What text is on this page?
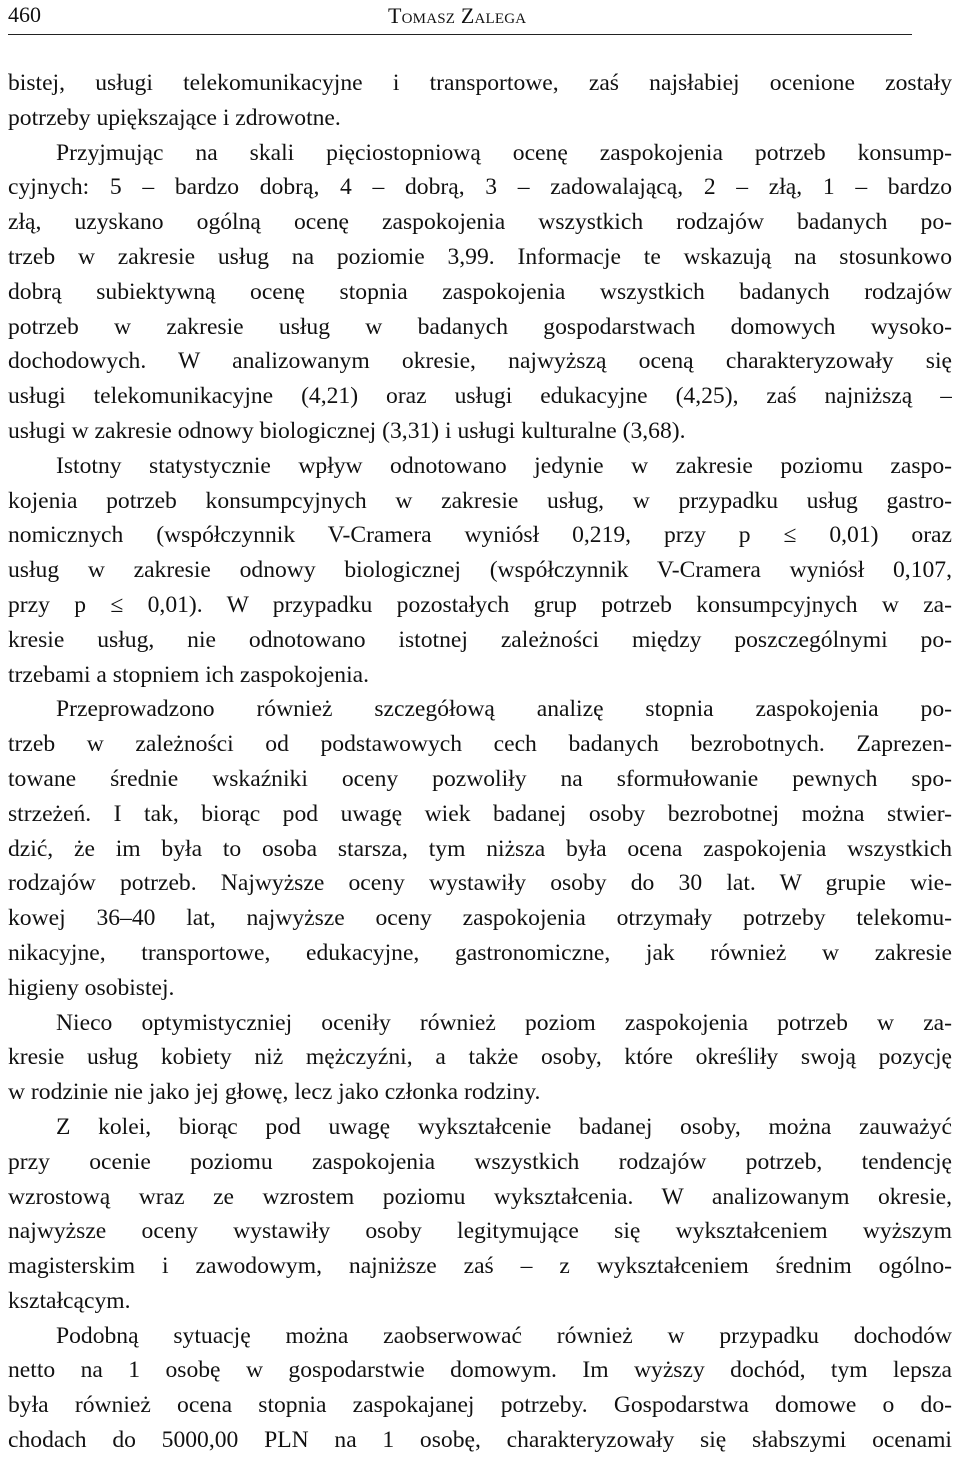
460	Tomasz Zalega
bistej, usługi telekomunikacyjne i transportowe, zaś najsłabiej ocenione zostały
potrzeby upiększające i zdrowotne.
Przyjmując na skali pięciostopniową ocenę zaspokojenia potrzeb konsump-
cyjnych: 5 – bardzo dobrą, 4 – dobrą, 3 – zadowalającą, 2 – złą, 1 – bardzo
złą, uzyskano ogólną ocenę zaspokojenia wszystkich rodzajów badanych po-
trzeb w zakresie usług na poziomie 3,99. Informacje te wskazują na stosunkowo
dobrą subiektywną ocenę stopnia zaspokojenia wszystkich badanych rodzajów
potrzeb w zakresie usług w badanych gospodarstwach domowych wysoko-
dochodowych. W analizowanym okresie, najwyższą oceną charakteryzowały się
usługi telekomunikacyjne (4,21) oraz usługi edukacyjne (4,25), zaś najniższą –
usługi w zakresie odnowy biologicznej (3,31) i usługi kulturalne (3,68).
Istotny statystycznie wpływ odnotowano jedynie w zakresie poziomu zaspo-
kojenia potrzeb konsumpcyjnych w zakresie usług, w przypadku usług gastro-
nomicznych (współczynnik V-Cramera wyniósł 0,219, przy p ≤ 0,01) oraz
usług w zakresie odnowy biologicznej (współczynnik V-Cramera wyniósł 0,107,
przy p ≤ 0,01). W przypadku pozostałych grup potrzeb konsumpcyjnych w za-
kresie usług, nie odnotowano istotnej zależności między poszczególnymi po-
trzebami a stopniem ich zaspokojenia.
Przeprowadzono również szczegółową analizę stopnia zaspokojenia po-
trzeb w zależności od podstawowych cech badanych bezrobotnych. Zaprezen-
towane średnie wskaźniki oceny pozwoliły na sformułowanie pewnych spo-
strzeżeń. I tak, biorąc pod uwagę wiek badanej osoby bezrobotnej można stwier-
dzić, że im była to osoba starsza, tym niższa była ocena zaspokojenia wszystkich
rodzajów potrzeb. Najwyższe oceny wystawiły osoby do 30 lat. W grupie wie-
kowej 36–40 lat, najwyższe oceny zaspokojenia otrzymały potrzeby telekomu-
nikacyjne, transportowe, edukacyjne, gastronomiczne, jak również w zakresie
higieny osobistej.
Nieco optymistyczniej oceniły również poziom zaspokojenia potrzeb w za-
kresie usług kobiety niż mężczyźni, a także osoby, które określiły swoją pozycję
w rodzinie nie jako jej głowę, lecz jako członka rodziny.
Z kolei, biorąc pod uwagę wykształcenie badanej osoby, można zauważyć
przy ocenie poziomu zaspokojenia wszystkich rodzajów potrzeb, tendencję
wzrostową wraz ze wzrostem poziomu wykształcenia. W analizowanym okresie,
najwyższe oceny wystawiły osoby legitymujące się wykształceniem wyższym
magisterskim i zawodowym, najniższe zaś – z wykształceniem średnim ogólno-
kształcącym.
Podobną sytuację można zaobserwować również w przypadku dochodów
netto na 1 osobę w gospodarstwie domowym. Im wyższy dochód, tym lepsza
była również ocena stopnia zaspokajanej potrzeby. Gospodarstwa domowe o do-
chodach do 5000,00 PLN na 1 osobę, charakteryzowały się słabszymi ocenami
